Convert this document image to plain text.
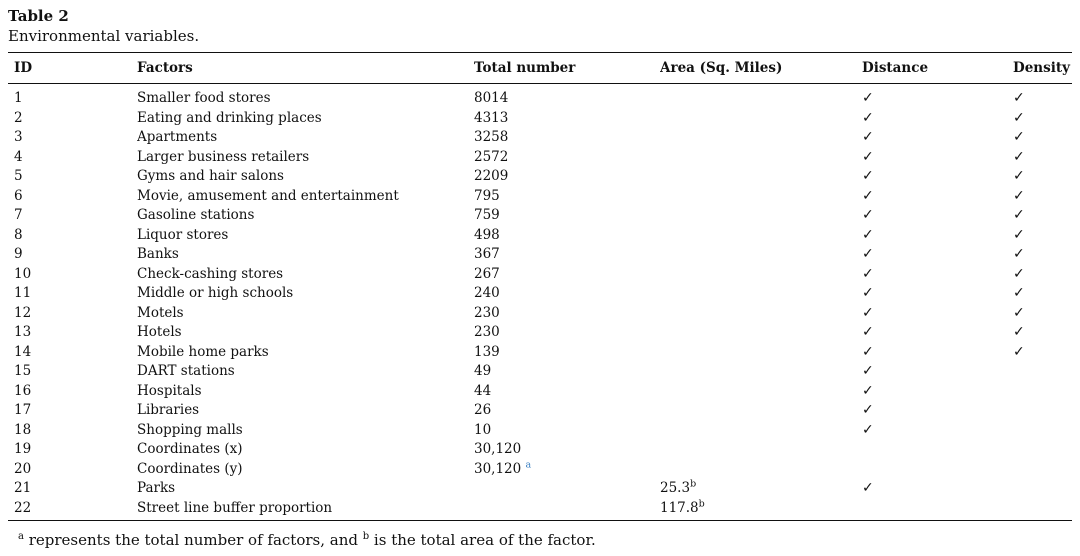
Table 2
Environmental variables.
ID	Factors	Total number	Area (Sq. Miles)	Distance	Density
1	Smaller food stores	8014		✓	✓
2	Eating and drinking places	4313		✓	✓
3	Apartments	3258		✓	✓
4	Larger business retailers	2572		✓	✓
5	Gyms and hair salons	2209		✓	✓
6	Movie, amusement and entertainment	795		✓	✓
7	Gasoline stations	759		✓	✓
8	Liquor stores	498		✓	✓
9	Banks	367		✓	✓
10	Check-cashing stores	267		✓	✓
11	Middle or high schools	240		✓	✓
12	Motels	230		✓	✓
13	Hotels	230		✓	✓
14	Mobile home parks	139		✓	✓
15	DART stations	49		✓	
16	Hospitals	44		✓	
17	Libraries	26		✓	
18	Shopping malls	10		✓	
19	Coordinates (x)	30,120			
20	Coordinates (y)	30,120 $^a$			
21	Parks		25.3$^b$	✓	
22	Street line buffer proportion		117.8$^b$		
$^a$ represents the total number of factors, and $^b$ is the total area of the factor.
